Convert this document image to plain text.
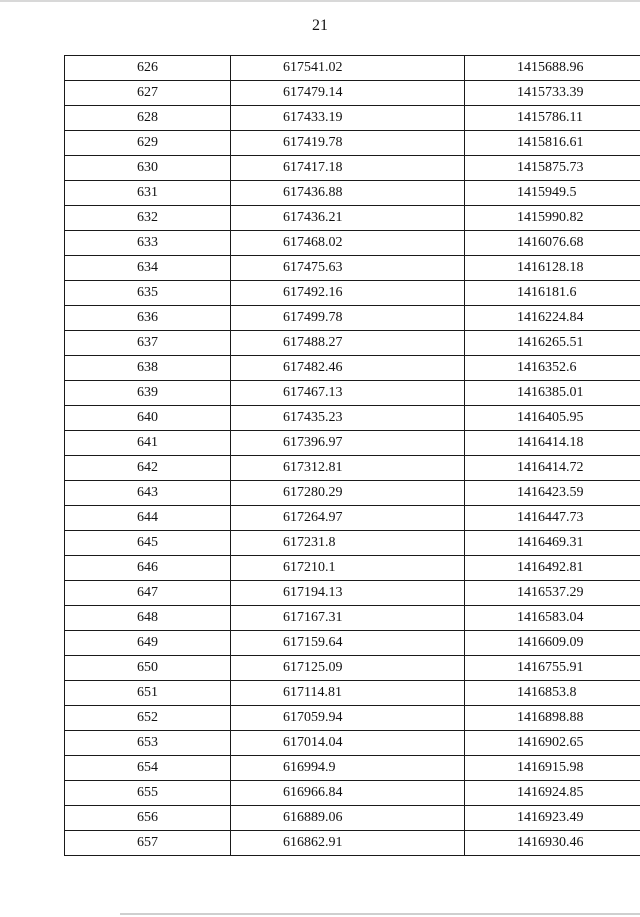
21
626	617541.02	1415688.96
627	617479.14	1415733.39
628	617433.19	1415786.11
629	617419.78	1415816.61
630	617417.18	1415875.73
631	617436.88	1415949.5
632	617436.21	1415990.82
633	617468.02	1416076.68
634	617475.63	1416128.18
635	617492.16	1416181.6
636	617499.78	1416224.84
637	617488.27	1416265.51
638	617482.46	1416352.6
639	617467.13	1416385.01
640	617435.23	1416405.95
641	617396.97	1416414.18
642	617312.81	1416414.72
643	617280.29	1416423.59
644	617264.97	1416447.73
645	617231.8	1416469.31
646	617210.1	1416492.81
647	617194.13	1416537.29
648	617167.31	1416583.04
649	617159.64	1416609.09
650	617125.09	1416755.91
651	617114.81	1416853.8
652	617059.94	1416898.88
653	617014.04	1416902.65
654	616994.9	1416915.98
655	616966.84	1416924.85
656	616889.06	1416923.49
657	616862.91	1416930.46
